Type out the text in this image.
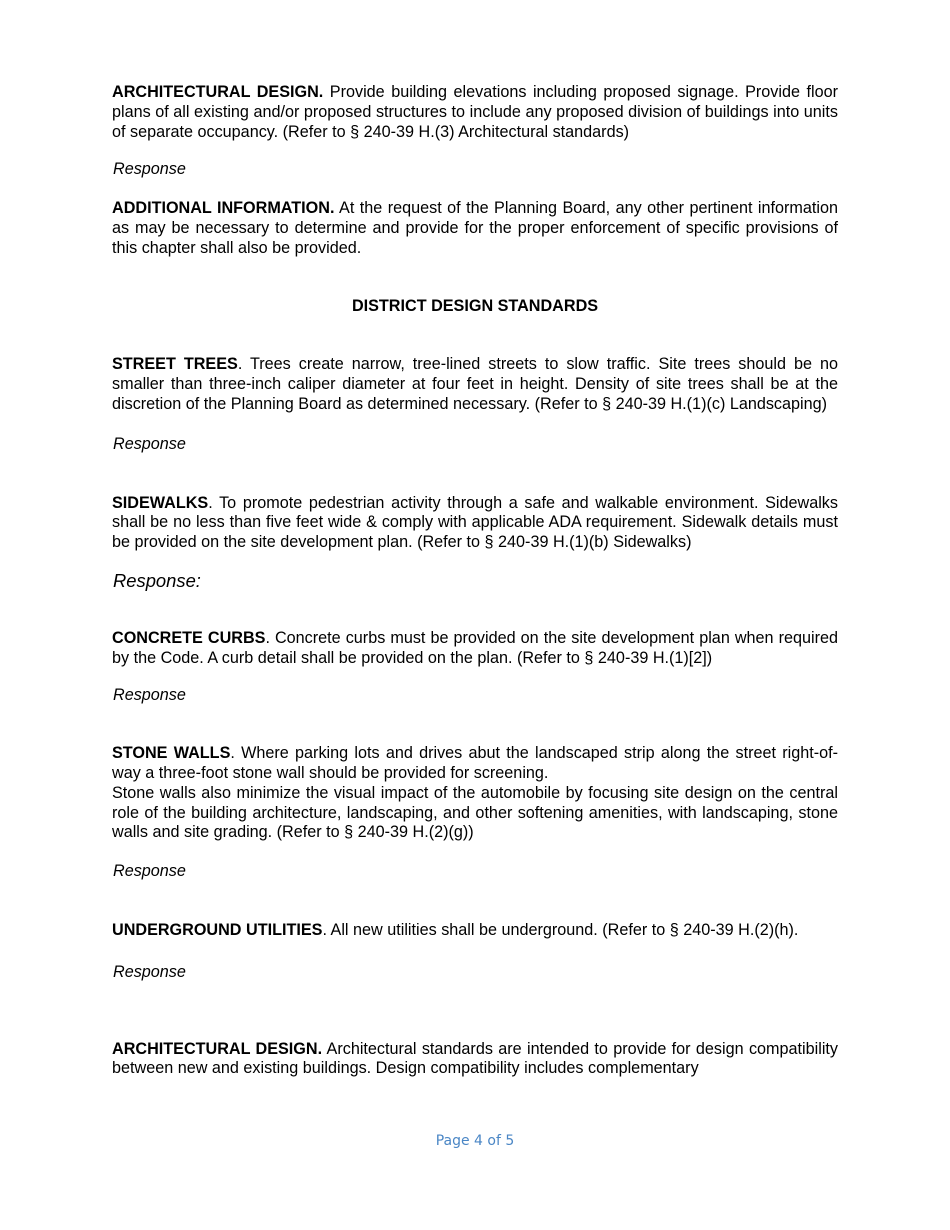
ARCHITECTURAL DESIGN. Provide building elevations including proposed signage. Provide floor plans of all existing and/or proposed structures to include any proposed division of buildings into units of separate occupancy. (Refer to § 240-39 H.(3) Architectural standards)

Response

ADDITIONAL INFORMATION. At the request of the Planning Board, any other pertinent information as may be necessary to determine and provide for the proper enforcement of specific provisions of this chapter shall also be provided.

DISTRICT DESIGN STANDARDS

STREET TREES. Trees create narrow, tree-lined streets to slow traffic. Site trees should be no smaller than three-inch caliper diameter at four feet in height. Density of site trees shall be at the discretion of the Planning Board as determined necessary. (Refer to § 240-39 H.(1)(c) Landscaping)

Response

SIDEWALKS. To promote pedestrian activity through a safe and walkable environment. Sidewalks shall be no less than five feet wide & comply with applicable ADA requirement. Sidewalk details must be provided on the site development plan. (Refer to § 240-39 H.(1)(b) Sidewalks)

Response:

CONCRETE CURBS. Concrete curbs must be provided on the site development plan when required by the Code. A curb detail shall be provided on the plan. (Refer to § 240-39 H.(1)[2])

Response

STONE WALLS. Where parking lots and drives abut the landscaped strip along the street right-of-way a three-foot stone wall should be provided for screening.

Stone walls also minimize the visual impact of the automobile by focusing site design on the central role of the building architecture, landscaping, and other softening amenities, with landscaping, stone walls and site grading. (Refer to § 240-39 H.(2)(g))

Response

UNDERGROUND UTILITIES. All new utilities shall be underground. (Refer to § 240-39 H.(2)(h).

Response

ARCHITECTURAL DESIGN. Architectural standards are intended to provide for design compatibility between new and existing buildings. Design compatibility includes complementary

Page 4 of 5
